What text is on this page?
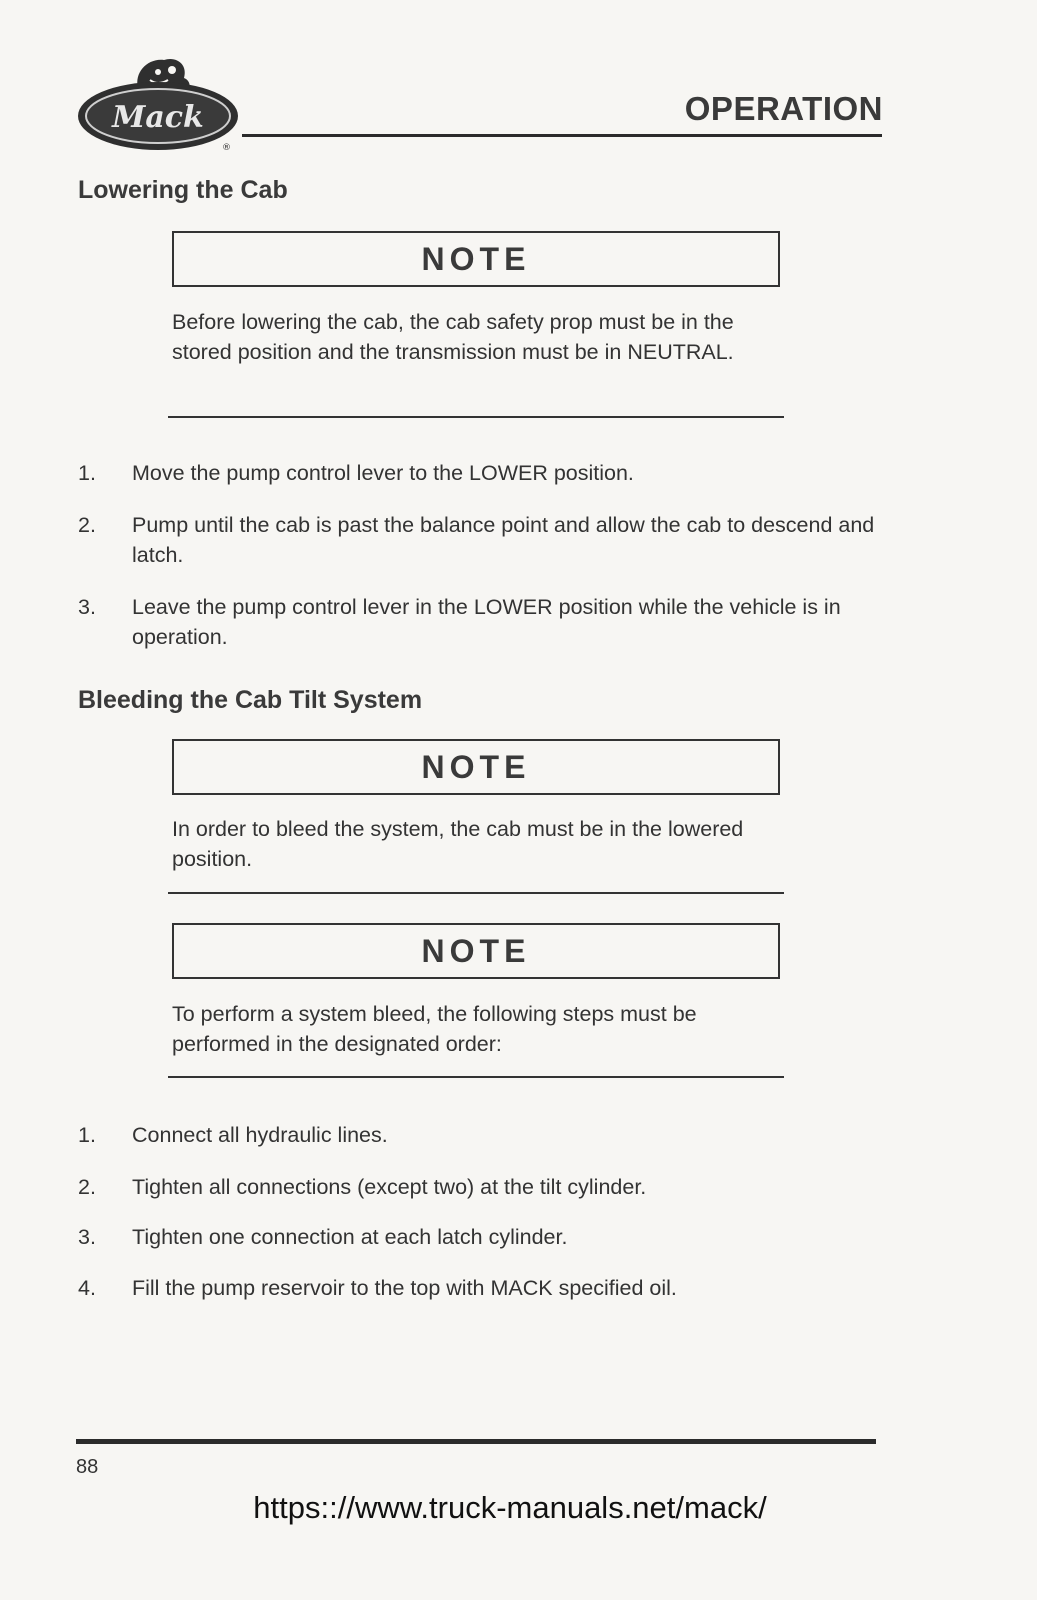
Mack
®
OPERATION
Lowering the Cab
NOTE
Before lowering the cab, the cab safety prop must be in the stored position and the transmission must be in NEUTRAL.
1.	Move the pump control lever to the LOWER position.
2.	Pump until the cab is past the balance point and allow the cab to descend and latch.
3.	Leave the pump control lever in the LOWER position while the vehicle is in operation.
Bleeding the Cab Tilt System
NOTE
In order to bleed the system, the cab must be in the lowered position.
NOTE
To perform a system bleed, the following steps must be performed in the designated order:
1.	Connect all hydraulic lines.
2.	Tighten all connections (except two) at the tilt cylinder.
3.	Tighten one connection at each latch cylinder.
4.	Fill the pump reservoir to the top with MACK specified oil.
88
https:://www.truck-manuals.net/mack/
